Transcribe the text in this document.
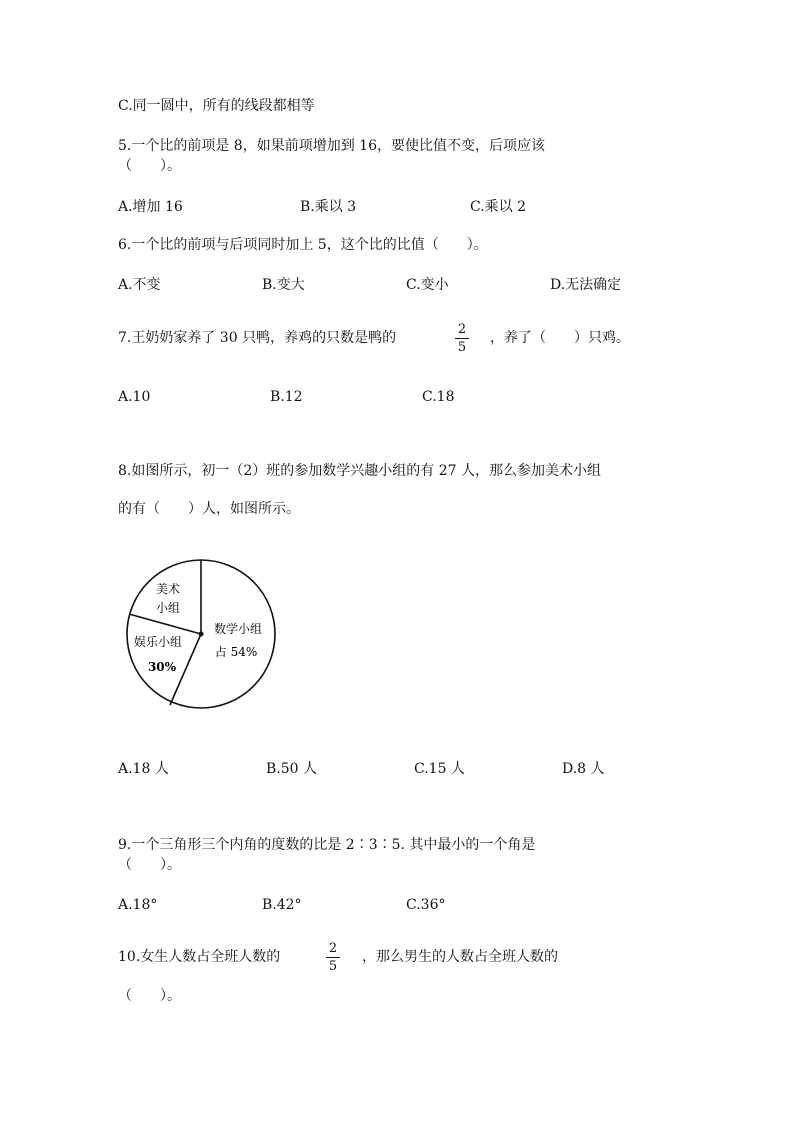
C.同一圆中，所有的线段都相等
5.一个比的前项是 8，如果前项增加到 16，要使比值不变，后项应该
（　　）。
A.增加 16	B.乘以 3	C.乘以 2
6.一个比的前项与后项同时加上 5，这个比的比值（　　）。
A.不变	B.变大	C.变小	D.无法确定
7.王奶奶家养了 30 只鸭，养鸡的只数是鸭的
2
5
，养了（　　）只鸡。
A.10	B.12	C.18
8.如图所示，初一（2）班的参加数学兴趣小组的有 27 人，那么参加美术小组
的有（　　）人，如图所示。
美术
小组
娱乐小组
30%
数学小组
占 54%
A.18 人	B.50 人	C.15 人	D.8 人
9.一个三角形三个内角的度数的比是 2∶3∶5. 其中最小的一个角是
（　　）。
A.18°	B.42°	C.36°
10.女生人数占全班人数的
2
5
，那么男生的人数占全班人数的
（　　）。
